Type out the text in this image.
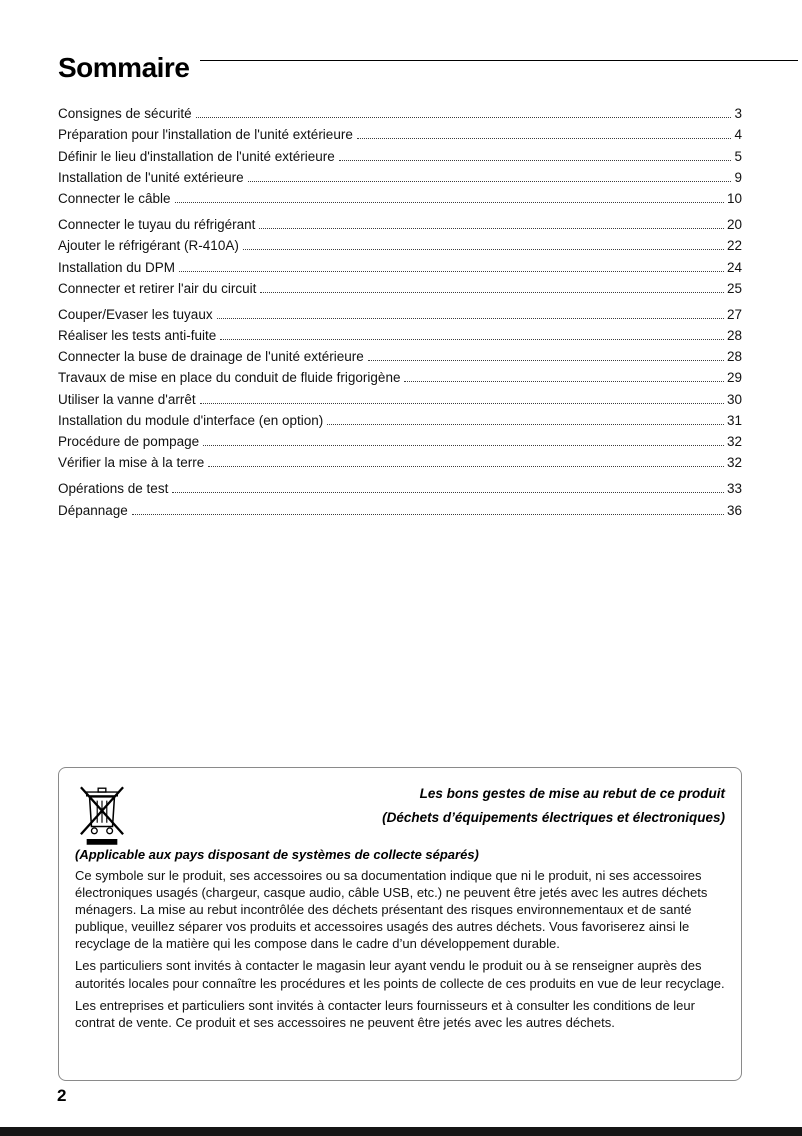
Sommaire
Consignes de sécurité	3
Préparation pour l'installation de l'unité extérieure	4
Définir le lieu d'installation de l'unité extérieure	5
Installation de l'unité extérieure	9
Connecter le câble	10
Connecter le tuyau du réfrigérant	20
Ajouter le réfrigérant (R-410A)	22
Installation du DPM	24
Connecter et retirer l'air du circuit	25
Couper/Evaser les tuyaux	27
Réaliser les tests anti-fuite	28
Connecter la buse de drainage de l'unité extérieure	28
Travaux de mise en place du conduit de fluide frigorigène	29
Utiliser la vanne d'arrêt	30
Installation du module d'interface (en option)	31
Procédure de pompage	32
Vérifier la mise à la terre	32
Opérations de test	33
Dépannage	36
Les bons gestes de mise au rebut de ce produit
(Déchets d’équipements électriques et électroniques)
(Applicable aux pays disposant de systèmes de collecte séparés)
Ce symbole sur le produit, ses accessoires ou sa documentation indique que ni le produit, ni ses accessoires électroniques usagés (chargeur, casque audio, câble USB, etc.) ne peuvent être jetés avec les autres déchets ménagers. La mise au rebut incontrôlée des déchets présentant des risques environnementaux et de santé publique, veuillez séparer vos produits et accessoires usagés des autres déchets. Vous favoriserez ainsi le recyclage de la matière qui les compose dans le cadre d’un développement durable.
Les particuliers sont invités à contacter le magasin leur ayant vendu le produit ou à se renseigner auprès des autorités locales pour connaître les procédures et les points de collecte de ces produits en vue de leur recyclage.
Les entreprises et particuliers sont invités à contacter leurs fournisseurs et à consulter les conditions de leur contrat de vente. Ce produit et ses accessoires ne peuvent être jetés avec les autres déchets.
2
